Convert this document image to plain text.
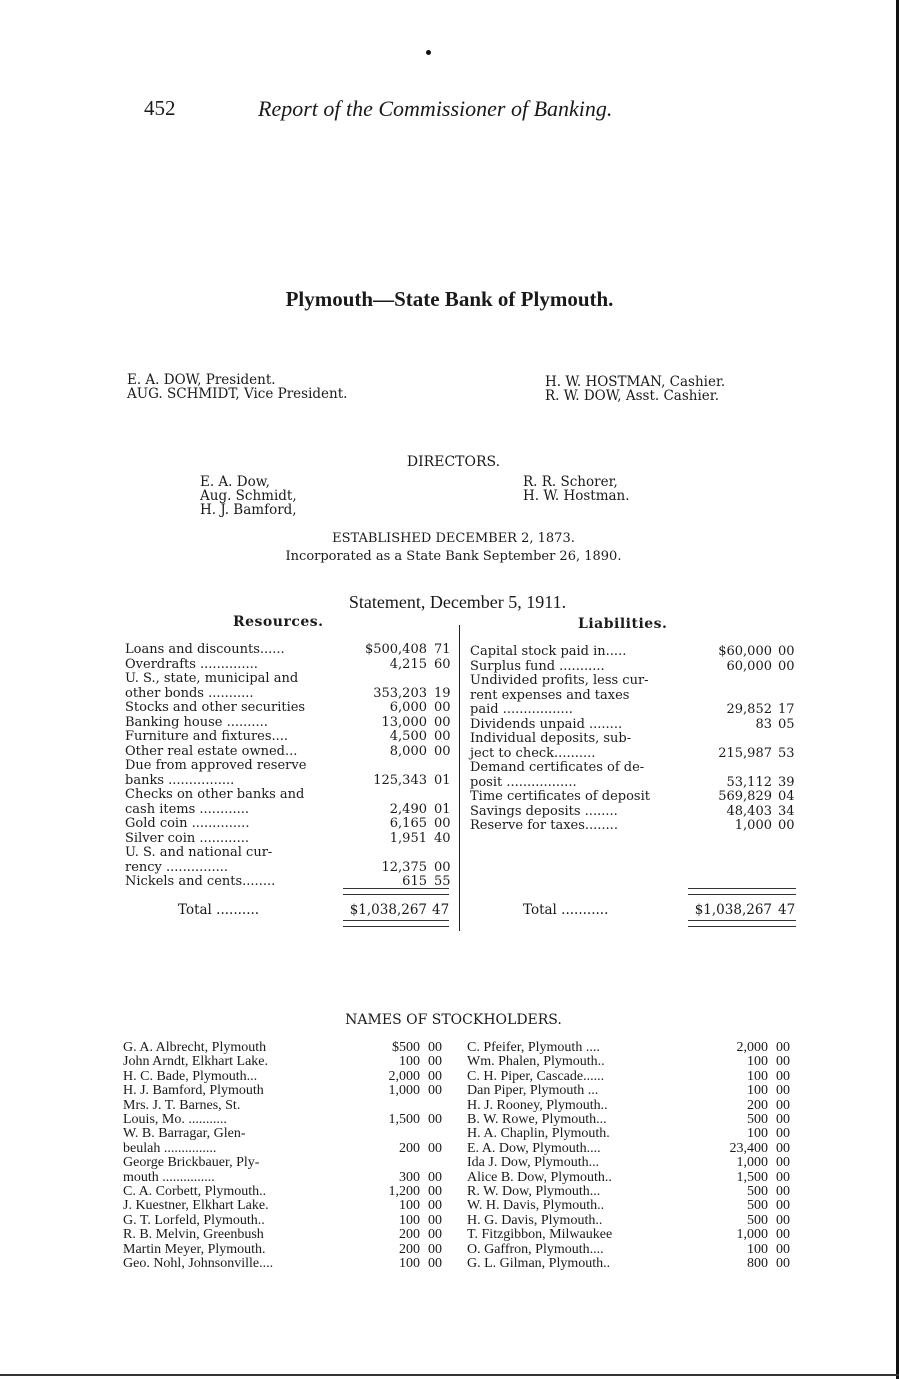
452	Report of the Commissioner of Banking.
Plymouth—State Bank of Plymouth.
E. A. DOW, President.
AUG. SCHMIDT, Vice President.
H. W. HOSTMAN, Cashier.
R. W. DOW, Asst. Cashier.
DIRECTORS.
E. A. Dow,
Aug. Schmidt,
H. J. Bamford,
R. R. Schorer,
H. W. Hostman.
ESTABLISHED DECEMBER 2, 1873.
Incorporated as a State Bank September 26, 1890.
Statement, December 5, 1911.
Resources.	Liabilities.
Loans and discounts......	$500,408 71
Overdrafts ..............	4,215 60
U. S., state, municipal and
other bonds ...........	353,203 19
Stocks and other securities	6,000 00
Banking house ..........	13,000 00
Furniture and fixtures....	4,500 00
Other real estate owned...	8,000 00
Due from approved reserve
banks ................	125,343 01
Checks on other banks and
cash items ............	2,490 01
Gold coin ..............	6,165 00
Silver coin ............	1,951 40
U. S. and national cur-
rency ...............	12,375 00
Nickels and cents........	615 55
Capital stock paid in.....	$60,000 00
Surplus fund ...........	60,000 00
Undivided profits, less cur-
rent expenses and taxes
paid .................	29,852 17
Dividends unpaid ........	83 05
Individual deposits, sub-
ject to check..........	215,987 53
Demand certificates of de-
posit .................	53,112 39
Time certificates of deposit	569,829 04
Savings deposits ........	48,403 34
Reserve for taxes........	1,000 00
Total ..........	$1,038,267 47	Total ...........	$1,038,267 47
NAMES OF STOCKHOLDERS.
G. A. Albrecht, Plymouth	$500 00
John Arndt, Elkhart Lake.	100 00
H. C. Bade, Plymouth...	2,000 00
H. J. Bamford, Plymouth	1,000 00
Mrs. J. T. Barnes, St.
Louis, Mo. ...........	1,500 00
W. B. Barragar, Glen-
beulah ...............	200 00
George Brickbauer, Ply-
mouth ...............	300 00
C. A. Corbett, Plymouth..	1,200 00
J. Kuestner, Elkhart Lake.	100 00
G. T. Lorfeld, Plymouth..	100 00
R. B. Melvin, Greenbush	200 00
Martin Meyer, Plymouth.	200 00
Geo. Nohl, Johnsonville....	100 00
C. Pfeifer, Plymouth ....	2,000 00
Wm. Phalen, Plymouth..	100 00
C. H. Piper, Cascade......	100 00
Dan Piper, Plymouth ...	100 00
H. J. Rooney, Plymouth..	200 00
B. W. Rowe, Plymouth...	500 00
H. A. Chaplin, Plymouth.	100 00
E. A. Dow, Plymouth....	23,400 00
Ida J. Dow, Plymouth...	1,000 00
Alice B. Dow, Plymouth..	1,500 00
R. W. Dow, Plymouth...	500 00
W. H. Davis, Plymouth..	500 00
H. G. Davis, Plymouth..	500 00
T. Fitzgibbon, Milwaukee	1,000 00
O. Gaffron, Plymouth....	100 00
G. L. Gilman, Plymouth..	800 00
